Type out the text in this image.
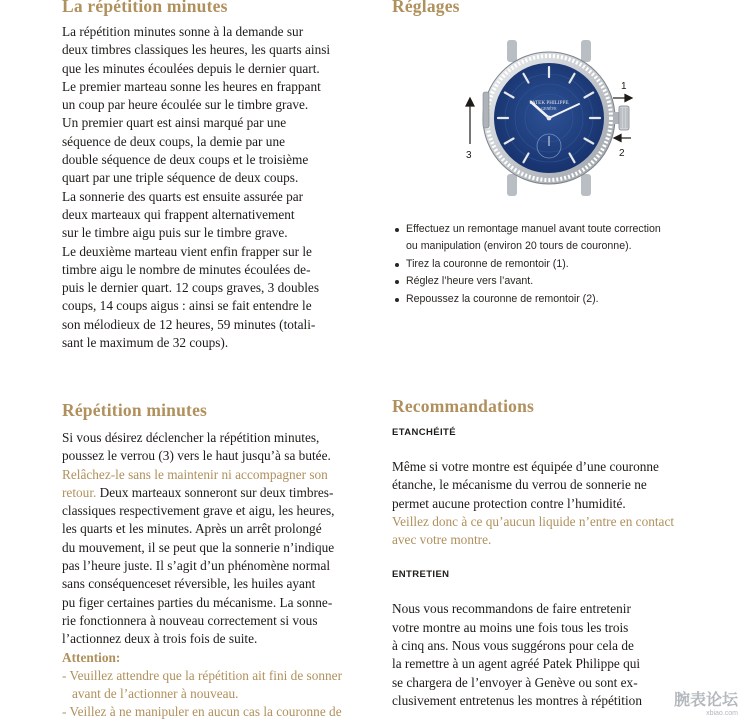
La répétition minutes
La répétition minutes sonne à la demande sur
deux timbres classiques les heures, les quarts ainsi
que les minutes écoulées depuis le dernier quart.
Le premier marteau sonne les heures en frappant
un coup par heure écoulée sur le timbre grave.
Un premier quart est ainsi marqué par une
séquence de deux coups, la demie par une
double séquence de deux coups et le troisième
quart par une triple séquence de deux coups.
La sonnerie des quarts est ensuite assurée par
deux marteaux qui frappent alternativement
sur le timbre aigu puis sur le timbre grave.
Le deuxième marteau vient enfin frapper sur le
timbre aigu le nombre de minutes écoulées de-
puis le dernier quart. 12 coups graves, 3 doubles
coups, 14 coups aigus : ainsi se fait entendre le
son mélodieux de 12 heures, 59 minutes (totali-
sant le maximum de 32 coups).
Réglages
PATEK PHILIPPE
GENÈVE
1
2
3
Effectuez un remontage manuel avant toute correction
ou manipulation (environ 20 tours de couronne).
Tirez la couronne de remontoir (1).
Réglez l’heure vers l’avant.
Repoussez la couronne de remontoir (2).
Répétition minutes
Si vous désirez déclencher la répétition minutes,
poussez le verrou (3) vers le haut jusqu’à sa butée.
Relâchez-le sans le maintenir ni accompagner son
retour. Deux marteaux sonneront sur deux timbres-
classiques respectivement grave et aigu, les heures,
les quarts et les minutes. Après un arrêt prolongé
du mouvement, il se peut que la sonnerie n’indique
pas l’heure juste. Il s’agit d’un phénomène normal
sans conséquenceset réversible, les huiles ayant
pu figer certaines parties du mécanisme. La sonne-
rie fonctionnera à nouveau correctement si vous
l’actionnez deux à trois fois de suite.
Attention:
- Veuillez attendre que la répétition ait fini de sonner
avant de l’actionner à nouveau.
- Veillez à ne manipuler en aucun cas la couronne de
Recommandations
ETANCHÉITÉ
Même si votre montre est équipée d’une couronne
étanche, le mécanisme du verrou de sonnerie ne
permet aucune protection contre l’humidité.
Veillez donc à ce qu’aucun liquide n’entre en contact
avec votre montre.
ENTRETIEN
Nous vous recommandons de faire entretenir
votre montre au moins une fois tous les trois
à cinq ans. Nous vous suggérons pour cela de
la remettre à un agent agréé Patek Philippe qui
se chargera de l’envoyer à Genève ou sont ex-
clusivement entretenus les montres à répétition	腕表论坛
xbiao.com
